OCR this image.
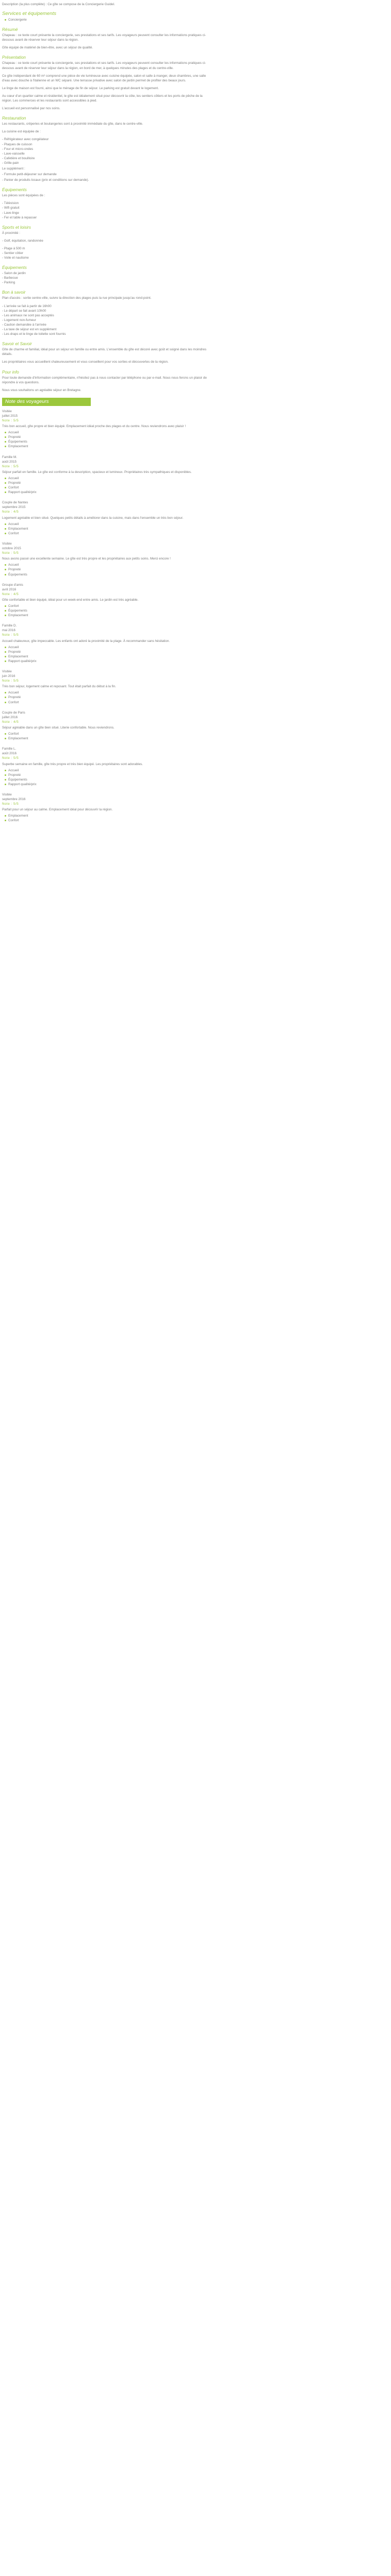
Description (la plus complète) : Ce gîte se compose de la Conciergerie Guidel.

Services et équipements
Conciergerie
Résumé

Chapeau : ce texte court présente la conciergerie, ses prestations et ses tarifs. Les voyageurs peuvent consulter les informations pratiques ci-dessous avant de réserver leur séjour dans la région.

Gîte équipé de matériel de bien-être, avec un séjour de qualité.

Présentation

Chapeau : ce texte court présente la conciergerie, ses prestations et ses tarifs. Les voyageurs peuvent consulter les informations pratiques ci-dessous avant de réserver leur séjour dans la région, en bord de mer, à quelques minutes des plages et du centre-ville.

Ce gîte indépendant de 60 m² comprend une pièce de vie lumineuse avec cuisine équipée, salon et salle à manger, deux chambres, une salle d'eau avec douche à l'italienne et un WC séparé. Une terrasse privative avec salon de jardin permet de profiter des beaux jours.

Le linge de maison est fourni, ainsi que le ménage de fin de séjour. Le parking est gratuit devant le logement.

Au cœur d'un quartier calme et résidentiel, le gîte est idéalement situé pour découvrir la côte, les sentiers côtiers et les ports de pêche de la région. Les commerces et les restaurants sont accessibles à pied.

L'accueil est personnalisé par nos soins.

Restauration

Les restaurants, crêperies et boulangeries sont à proximité immédiate du gîte, dans le centre-ville.

La cuisine est équipée de :

- Réfrigérateur avec congélateur
- Plaques de cuisson
- Four et micro-ondes
- Lave-vaisselle
- Cafetière et bouilloire
- Grille-pain

Le supplément :

- Formule petit-déjeuner sur demande

- Panier de produits locaux (prix et conditions sur demande).

Équipements

Les pièces sont équipées de :

- Télévision
- Wifi gratuit
- Lave-linge
- Fer et table à repasser
Sports et loisirs

À proximité :

- Golf, équitation, randonnée

- Plage à 500 m
- Sentier côtier
- Voile et nautisme
Équipements
- Salon de jardin
- Barbecue
- Parking
Bon à savoir

Plan d'accès : sortie centre-ville, suivre la direction des plages puis la rue principale jusqu'au rond-point.

- L'arrivée se fait à partir de 16h00
- Le départ se fait avant 10h00
- Les animaux ne sont pas acceptés
- Logement non-fumeur
- Caution demandée à l'arrivée
- La taxe de séjour est en supplément
- Les draps et le linge de toilette sont fournis
Savoir et Savoir

Gîte de charme et familial, idéal pour un séjour en famille ou entre amis. L'ensemble du gîte est décoré avec goût et soigné dans les moindres détails.

Les propriétaires vous accueillent chaleureusement et vous conseillent pour vos sorties et découvertes de la région.

Pour info

Pour toute demande d'information complémentaire, n'hésitez pas à nous contacter par téléphone ou par e-mail. Nous nous ferons un plaisir de répondre à vos questions.

Nous vous souhaitons un agréable séjour en Bretagne.

Note des voyageurs

Visitée

juillet 2015

Note : 5/5

Très bon accueil, gîte propre et bien équipé. Emplacement idéal proche des plages et du centre. Nous reviendrons avec plaisir !

Accueil
Propreté
Équipements
Emplacement

Famille M.

août 2015

Note : 5/5

Séjour parfait en famille. Le gîte est conforme à la description, spacieux et lumineux. Propriétaires très sympathiques et disponibles.

Accueil
Propreté
Confort
Rapport qualité/prix

Couple de Nantes

septembre 2015

Note : 4/5

Logement agréable et bien situé. Quelques petits détails à améliorer dans la cuisine, mais dans l'ensemble un très bon séjour.

Accueil
Emplacement
Confort

Visitée

octobre 2015

Note : 5/5

Nous avons passé une excellente semaine. Le gîte est très propre et les propriétaires aux petits soins. Merci encore !

Accueil
Propreté
Équipements

Groupe d'amis

avril 2016

Note : 4/5

Gîte confortable et bien équipé, idéal pour un week-end entre amis. Le jardin est très agréable.

Confort
Équipements
Emplacement

Famille D.

mai 2016

Note : 5/5

Accueil chaleureux, gîte impeccable. Les enfants ont adoré la proximité de la plage. À recommander sans hésitation.

Accueil
Propreté
Emplacement
Rapport qualité/prix

Visitée

juin 2016

Note : 5/5

Très bon séjour, logement calme et reposant. Tout était parfait du début à la fin.

Accueil
Propreté
Confort

Couple de Paris

juillet 2016

Note : 4/5

Séjour agréable dans un gîte bien situé. Literie confortable. Nous reviendrons.

Confort
Emplacement

Famille L.

août 2016

Note : 5/5

Superbe semaine en famille, gîte très propre et très bien équipé. Les propriétaires sont adorables.

Accueil
Propreté
Équipements
Rapport qualité/prix

Visitée

septembre 2016

Note : 5/5

Parfait pour un séjour au calme. Emplacement idéal pour découvrir la région.

Emplacement
Confort
